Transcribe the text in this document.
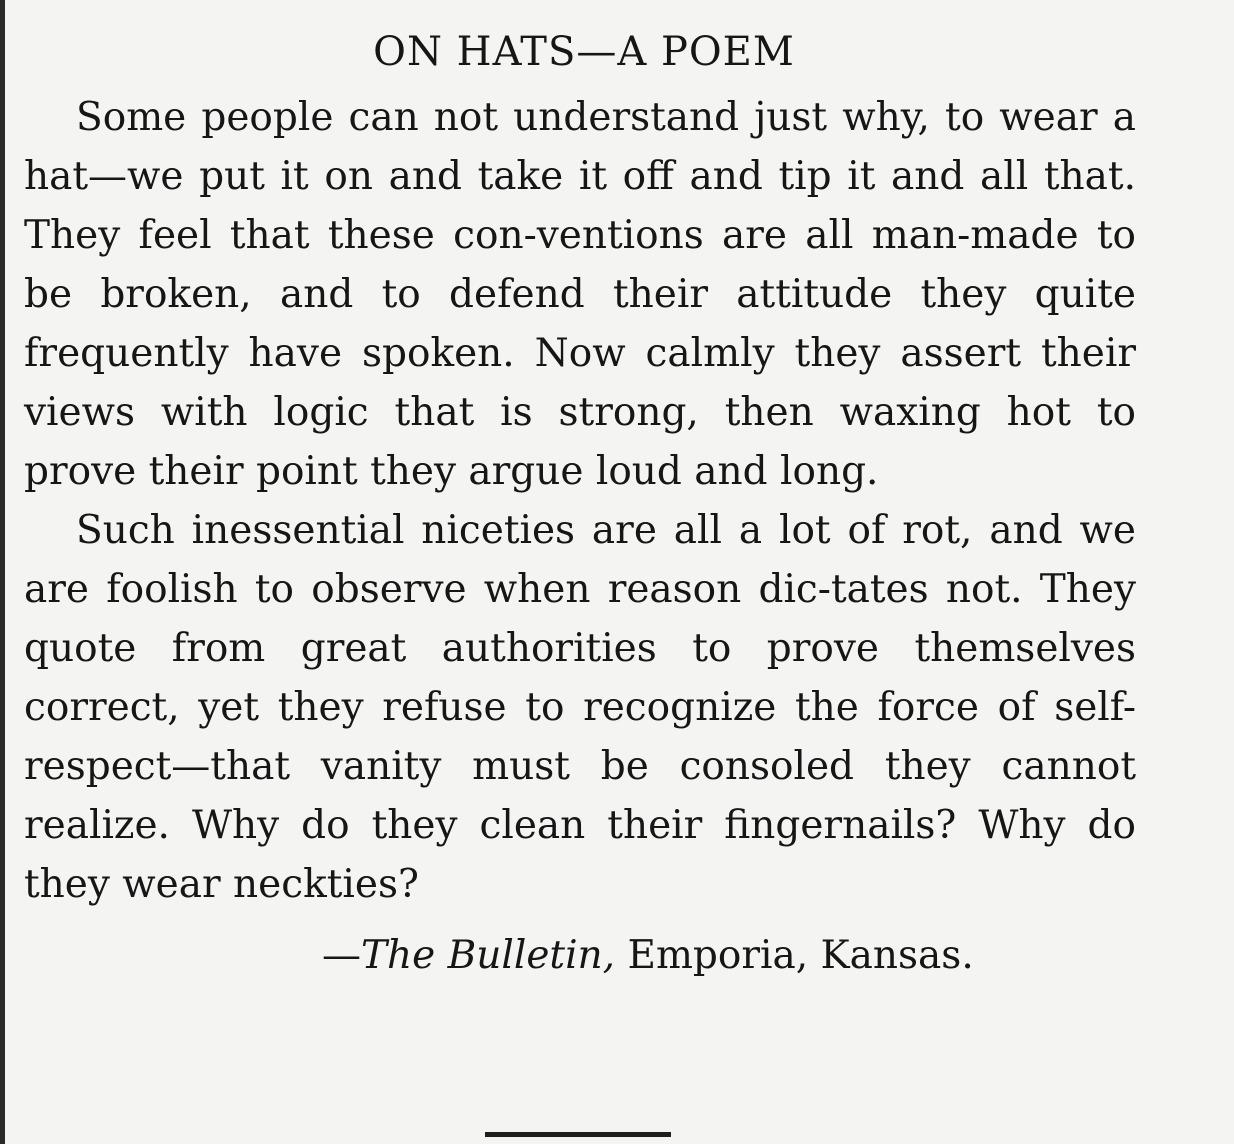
ON HATS—A POEM

Some people can not understand just why, to wear a hat—we put it on and take it off and tip it and all that. They feel that these con-ventions are all man-made to be broken, and to defend their attitude they quite frequently have spoken. Now calmly they assert their views with logic that is strong, then waxing hot to prove their point they argue loud and long.

Such inessential niceties are all a lot of rot, and we are foolish to observe when reason dic-tates not. They quote from great authorities to prove themselves correct, yet they refuse to recognize the force of self-respect—that vanity must be consoled they cannot realize. Why do they clean their fingernails? Why do they wear neckties?

—The Bulletin, Emporia, Kansas.
